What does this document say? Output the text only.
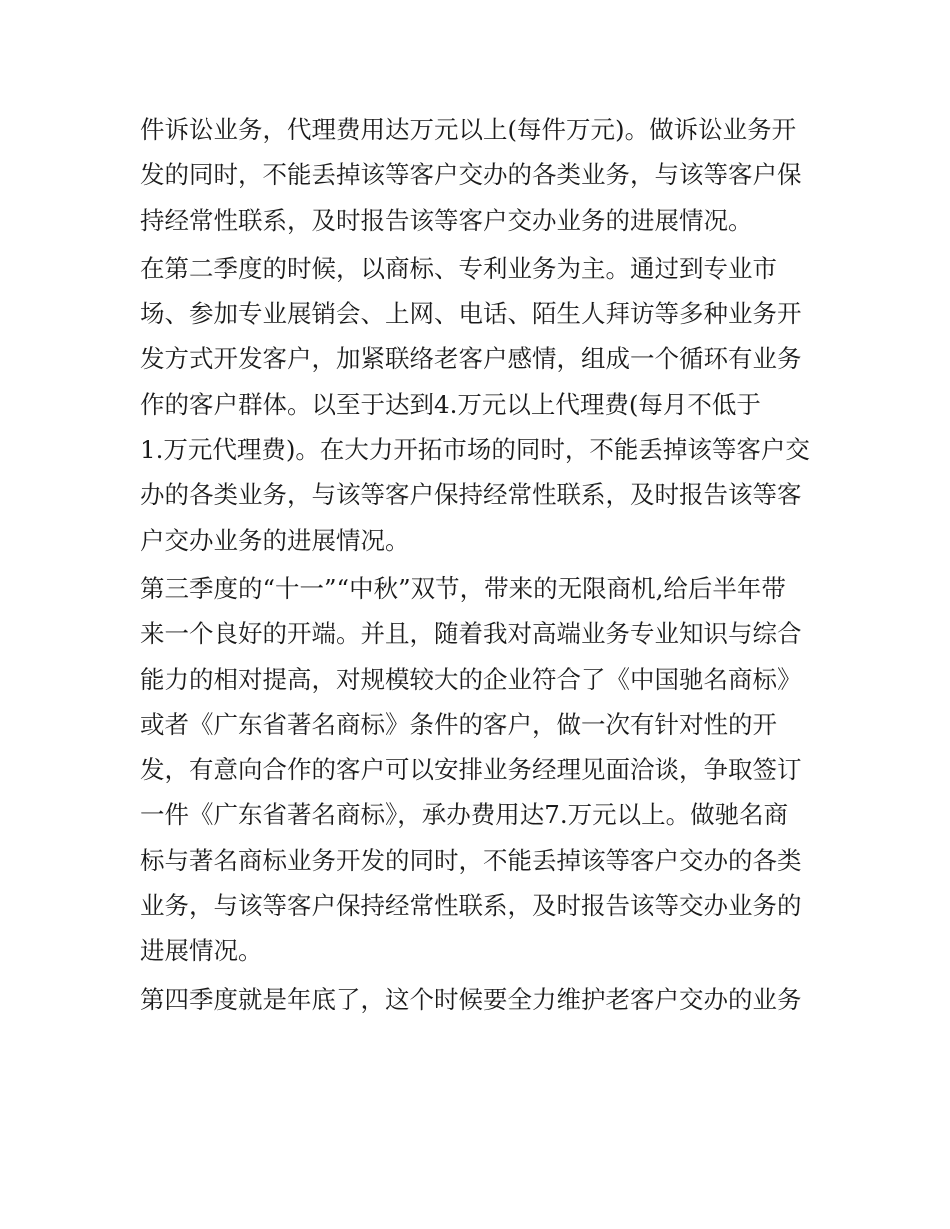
件诉讼业务，代理费用达万元以上(每件万元)。做诉讼业务开
发的同时，不能丢掉该等客户交办的各类业务，与该等客户保
持经常性联系，及时报告该等客户交办业务的进展情况。
在第二季度的时候，以商标、专利业务为主。通过到专业市
场、参加专业展销会、上网、电话、陌生人拜访等多种业务开
发方式开发客户，加紧联络老客户感情，组成一个循环有业务
作的客户群体。以至于达到4.万元以上代理费(每月不低于
1.万元代理费)。在大力开拓市场的同时，不能丢掉该等客户交
办的各类业务，与该等客户保持经常性联系，及时报告该等客
户交办业务的进展情况。
第三季度的“十一”“中秋”双节，带来的无限商机,给后半年带
来一个良好的开端。并且，随着我对高端业务专业知识与综合
能力的相对提高，对规模较大的企业符合了《中国驰名商标》
或者《广东省著名商标》条件的客户，做一次有针对性的开
发，有意向合作的客户可以安排业务经理见面洽谈，争取签订
一件《广东省著名商标》，承办费用达7.万元以上。做驰名商
标与著名商标业务开发的同时，不能丢掉该等客户交办的各类
业务，与该等客户保持经常性联系，及时报告该等交办业务的
进展情况。
第四季度就是年底了，这个时候要全力维护老客户交办的业务
